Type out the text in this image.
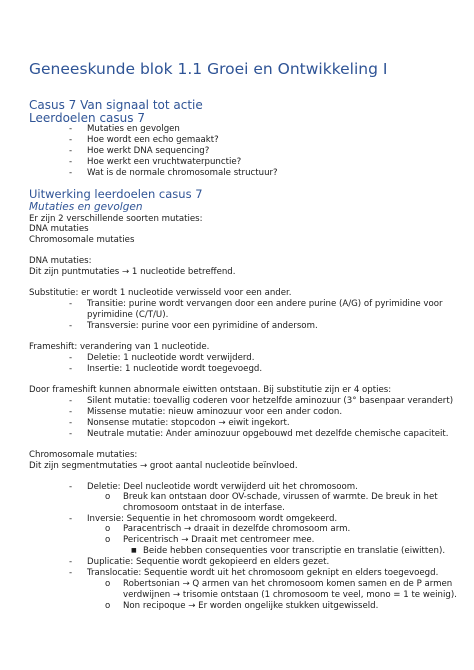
Geneeskunde blok 1.1 Groei en Ontwikkeling I
Casus 7 Van signaal tot actie
Leerdoelen casus 7
- Mutaties en gevolgen
- Hoe wordt een echo gemaakt?
- Hoe werkt DNA sequencing?
- Hoe werkt een vruchtwaterpunctie?
- Wat is de normale chromosomale structuur?
Uitwerking leerdoelen casus 7
Mutaties en gevolgen
Er zijn 2 verschillende soorten mutaties:
DNA mutaties
Chromosomale mutaties
DNA mutaties:
Dit zijn puntmutaties → 1 nucleotide betreffend.
Substitutie: er wordt 1 nucleotide verwisseld voor een ander.
- Transitie: purine wordt vervangen door een andere purine (A/G) of pyrimidine voor
pyrimidine (C/T/U).
- Transversie: purine voor een pyrimidine of andersom.
Frameshift: verandering van 1 nucleotide.
- Deletie: 1 nucleotide wordt verwijderd.
- Insertie: 1 nucleotide wordt toegevoegd.
Door frameshift kunnen abnormale eiwitten ontstaan. Bij substitutie zijn er 4 opties:
- Silent mutatie: toevallig coderen voor hetzelfde aminozuur (3° basenpaar verandert)
- Missense mutatie: nieuw aminozuur voor een ander codon.
- Nonsense mutatie: stopcodon → eiwit ingekort.
- Neutrale mutatie: Ander aminozuur opgebouwd met dezelfde chemische capaciteit.
Chromosomale mutaties:
Dit zijn segmentmutaties → groot aantal nucleotide beïnvloed.
- Deletie: Deel nucleotide wordt verwijderd uit het chromosoom.
o Breuk kan ontstaan door OV-schade, virussen of warmte. De breuk in het
chromosoom ontstaat in de interfase.
- Inversie: Sequentie in het chromosoom wordt omgekeerd.
o Paracentrisch → draait in dezelfde chromosoom arm.
o Pericentrisch → Draait met centromeer mee.
■ Beide hebben consequenties voor transcriptie en translatie (eiwitten).
- Duplicatie: Sequentie wordt gekopieerd en elders gezet.
- Translocatie: Sequentie wordt uit het chromosoom geknipt en elders toegevoegd.
o Robertsonian → Q armen van het chromosoom komen samen en de P armen
verdwijnen → trisomie ontstaan (1 chromosoom te veel, mono = 1 te weinig).
o Non recipoque → Er worden ongelijke stukken uitgewisseld.
